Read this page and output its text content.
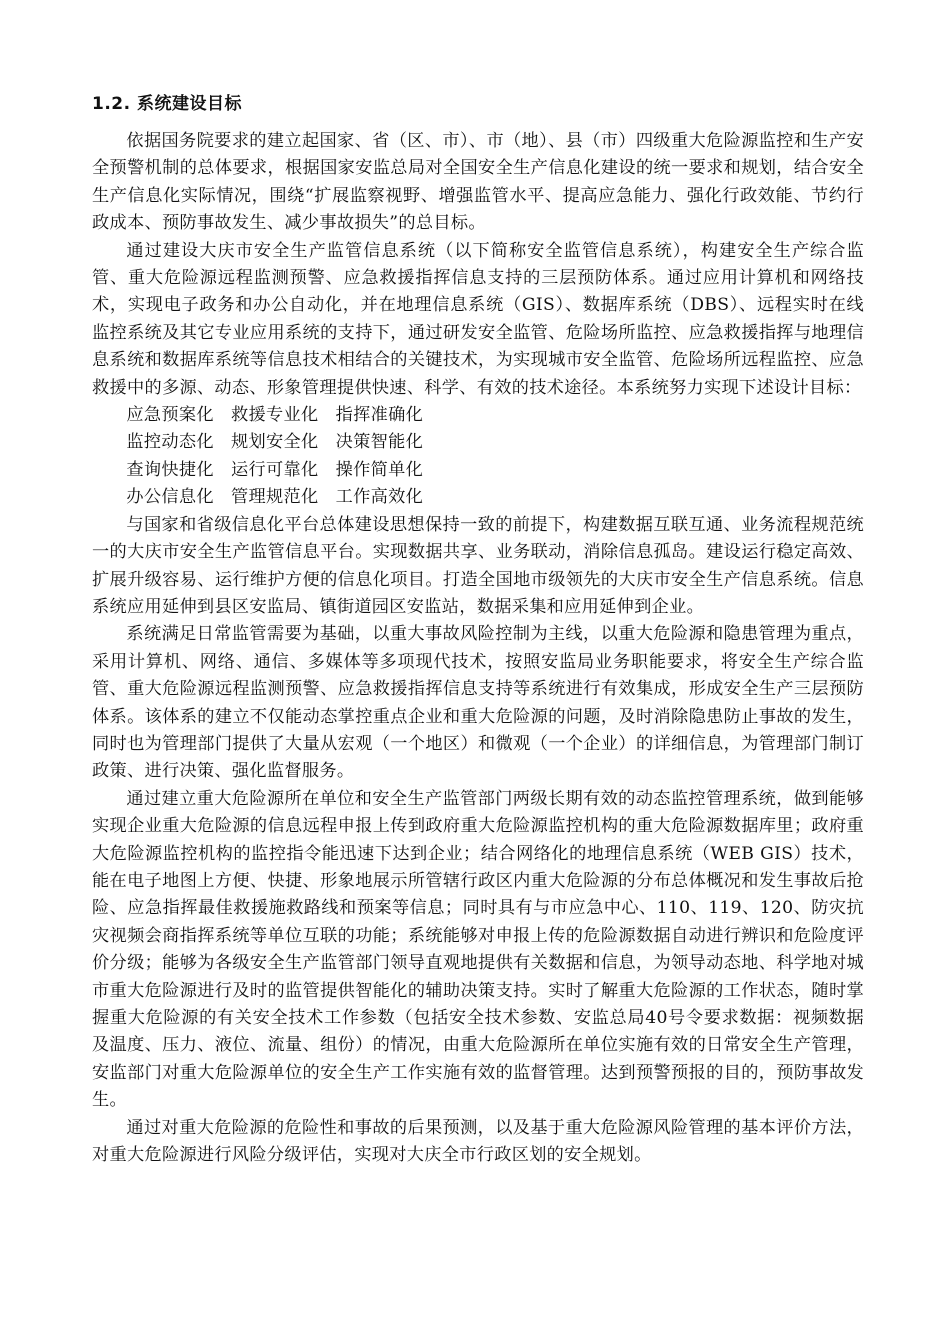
1.2. 系统建设目标

依据国务院要求的建立起国家、省（区、市）、市（地）、县（市）四级重大危险源监控和生产安全预警机制的总体要求，根据国家安监总局对全国安全生产信息化建设的统一要求和规划，结合安全生产信息化实际情况，围绕“扩展监察视野、增强监管水平、提高应急能力、强化行政效能、节约行政成本、预防事故发生、减少事故损失”的总目标。

通过建设大庆市安全生产监管信息系统（以下简称安全监管信息系统），构建安全生产综合监管、重大危险源远程监测预警、应急救援指挥信息支持的三层预防体系。通过应用计算机和网络技术，实现电子政务和办公自动化，并在地理信息系统（GIS）、数据库系统（DBS）、远程实时在线监控系统及其它专业应用系统的支持下，通过研发安全监管、危险场所监控、应急救援指挥与地理信息系统和数据库系统等信息技术相结合的关键技术，为实现城市安全监管、危险场所远程监控、应急救援中的多源、动态、形象管理提供快速、科学、有效的技术途径。本系统努力实现下述设计目标：

应急预案化 救援专业化 指挥准确化
监控动态化 规划安全化 决策智能化
查询快捷化 运行可靠化 操作简单化
办公信息化 管理规范化 工作高效化

与国家和省级信息化平台总体建设思想保持一致的前提下，构建数据互联互通、业务流程规范统一的大庆市安全生产监管信息平台。实现数据共享、业务联动，消除信息孤岛。建设运行稳定高效、扩展升级容易、运行维护方便的信息化项目。打造全国地市级领先的大庆市安全生产信息系统。信息系统应用延伸到县区安监局、镇街道园区安监站，数据采集和应用延伸到企业。

系统满足日常监管需要为基础，以重大事故风险控制为主线，以重大危险源和隐患管理为重点，采用计算机、网络、通信、多媒体等多项现代技术，按照安监局业务职能要求，将安全生产综合监管、重大危险源远程监测预警、应急救援指挥信息支持等系统进行有效集成，形成安全生产三层预防体系。该体系的建立不仅能动态掌控重点企业和重大危险源的问题，及时消除隐患防止事故的发生，同时也为管理部门提供了大量从宏观（一个地区）和微观（一个企业）的详细信息，为管理部门制订政策、进行决策、强化监督服务。

通过建立重大危险源所在单位和安全生产监管部门两级长期有效的动态监控管理系统，做到能够实现企业重大危险源的信息远程申报上传到政府重大危险源监控机构的重大危险源数据库里；政府重大危险源监控机构的监控指令能迅速下达到企业；结合网络化的地理信息系统（WEB GIS）技术，能在电子地图上方便、快捷、形象地展示所管辖行政区内重大危险源的分布总体概况和发生事故后抢险、应急指挥最佳救援施救路线和预案等信息；同时具有与市应急中心、110、119、120、防灾抗灾视频会商指挥系统等单位互联的功能；系统能够对申报上传的危险源数据自动进行辨识和危险度评价分级；能够为各级安全生产监管部门领导直观地提供有关数据和信息，为领导动态地、科学地对城市重大危险源进行及时的监管提供智能化的辅助决策支持。实时了解重大危险源的工作状态，随时掌握重大危险源的有关安全技术工作参数（包括安全技术参数、安监总局40号令要求数据：视频数据及温度、压力、液位、流量、组份）的情况，由重大危险源所在单位实施有效的日常安全生产管理，安监部门对重大危险源单位的安全生产工作实施有效的监督管理。达到预警预报的目的，预防事故发生。

通过对重大危险源的危险性和事故的后果预测，以及基于重大危险源风险管理的基本评价方法，对重大危险源进行风险分级评估，实现对大庆全市行政区划的安全规划。
